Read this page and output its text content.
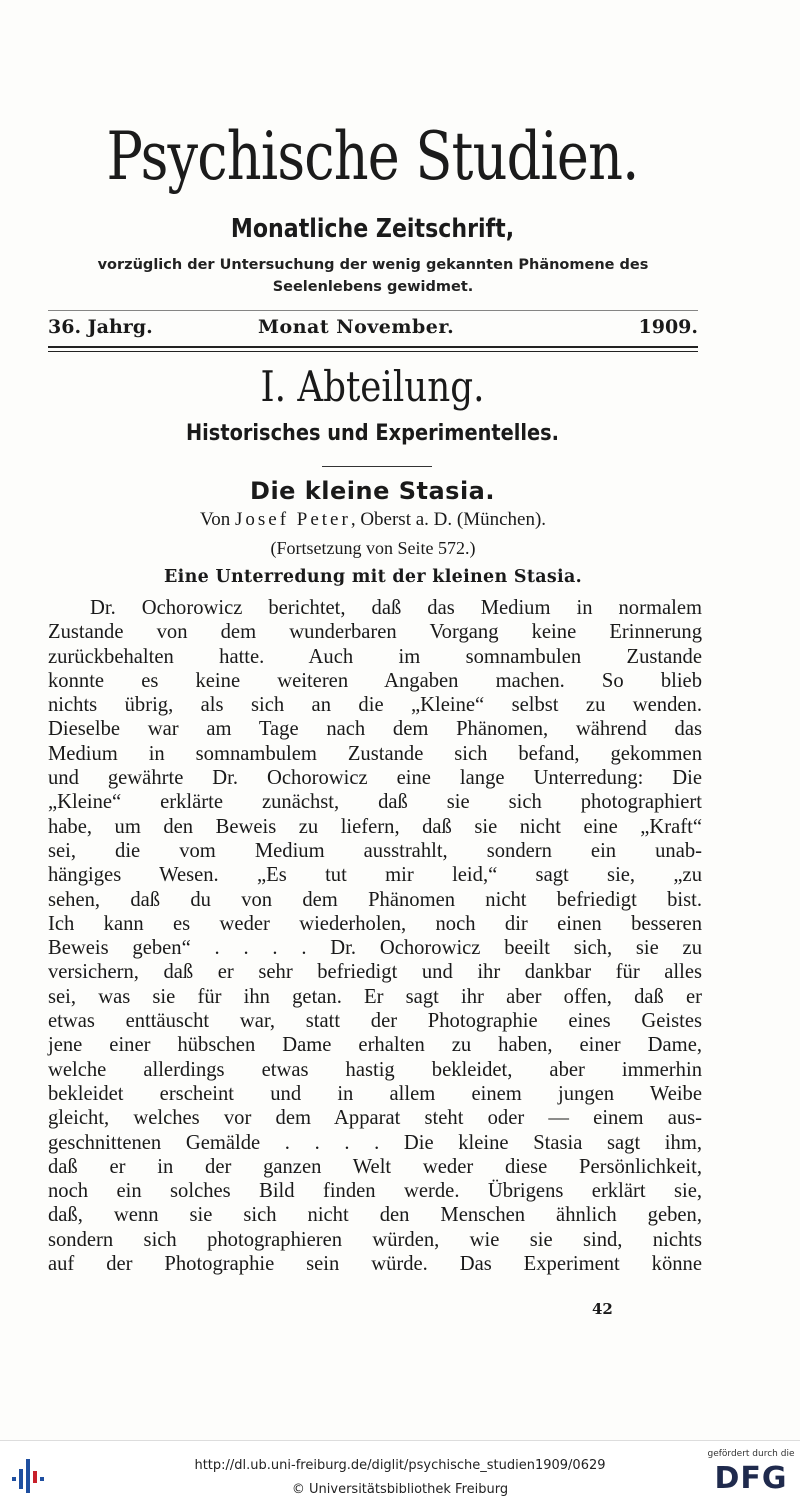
Psychische Studien.
Monatliche Zeitschrift,
vorzüglich der Untersuchung der wenig gekannten Phänomene des
Seelenlebens gewidmet.
36. Jahrg.	Monat November.	1909.
I. Abteilung.
Historisches und Experimentelles.
Die kleine Stasia.
Von Josef Peter, Oberst a. D. (München).
(Fortsetzung von Seite 572.)
Eine Unterredung mit der kleinen Stasia.
Dr. Ochorowicz berichtet, daß das Medium in normalem
Zustande von dem wunderbaren Vorgang keine Erinnerung
zurückbehalten hatte. Auch im somnambulen Zustande
konnte es keine weiteren Angaben machen. So blieb
nichts übrig, als sich an die „Kleine“ selbst zu wenden.
Dieselbe war am Tage nach dem Phänomen, während das
Medium in somnambulem Zustande sich befand, gekommen
und gewährte Dr. Ochorowicz eine lange Unterredung: Die
„Kleine“ erklärte zunächst, daß sie sich photographiert
habe, um den Beweis zu liefern, daß sie nicht eine „Kraft“
sei, die vom Medium ausstrahlt, sondern ein unab-
hängiges Wesen. „Es tut mir leid,“ sagt sie, „zu
sehen, daß du von dem Phänomen nicht befriedigt bist.
Ich kann es weder wiederholen, noch dir einen besseren
Beweis geben“ . . . . Dr. Ochorowicz beeilt sich, sie zu
versichern, daß er sehr befriedigt und ihr dankbar für alles
sei, was sie für ihn getan. Er sagt ihr aber offen, daß er
etwas enttäuscht war, statt der Photographie eines Geistes
jene einer hübschen Dame erhalten zu haben, einer Dame,
welche allerdings etwas hastig bekleidet, aber immerhin
bekleidet erscheint und in allem einem jungen Weibe
gleicht, welches vor dem Apparat steht oder — einem aus-
geschnittenen Gemälde . . . . Die kleine Stasia sagt ihm,
daß er in der ganzen Welt weder diese Persönlichkeit,
noch ein solches Bild finden werde. Übrigens erklärt sie,
daß, wenn sie sich nicht den Menschen ähnlich geben,
sondern sich photographieren würden, wie sie sind, nichts
auf der Photographie sein würde. Das Experiment könne
42
http://dl.ub.uni-freiburg.de/diglit/psychische_studien1909/0629
© Universitätsbibliothek Freiburg
gefördert durch die
DFG
